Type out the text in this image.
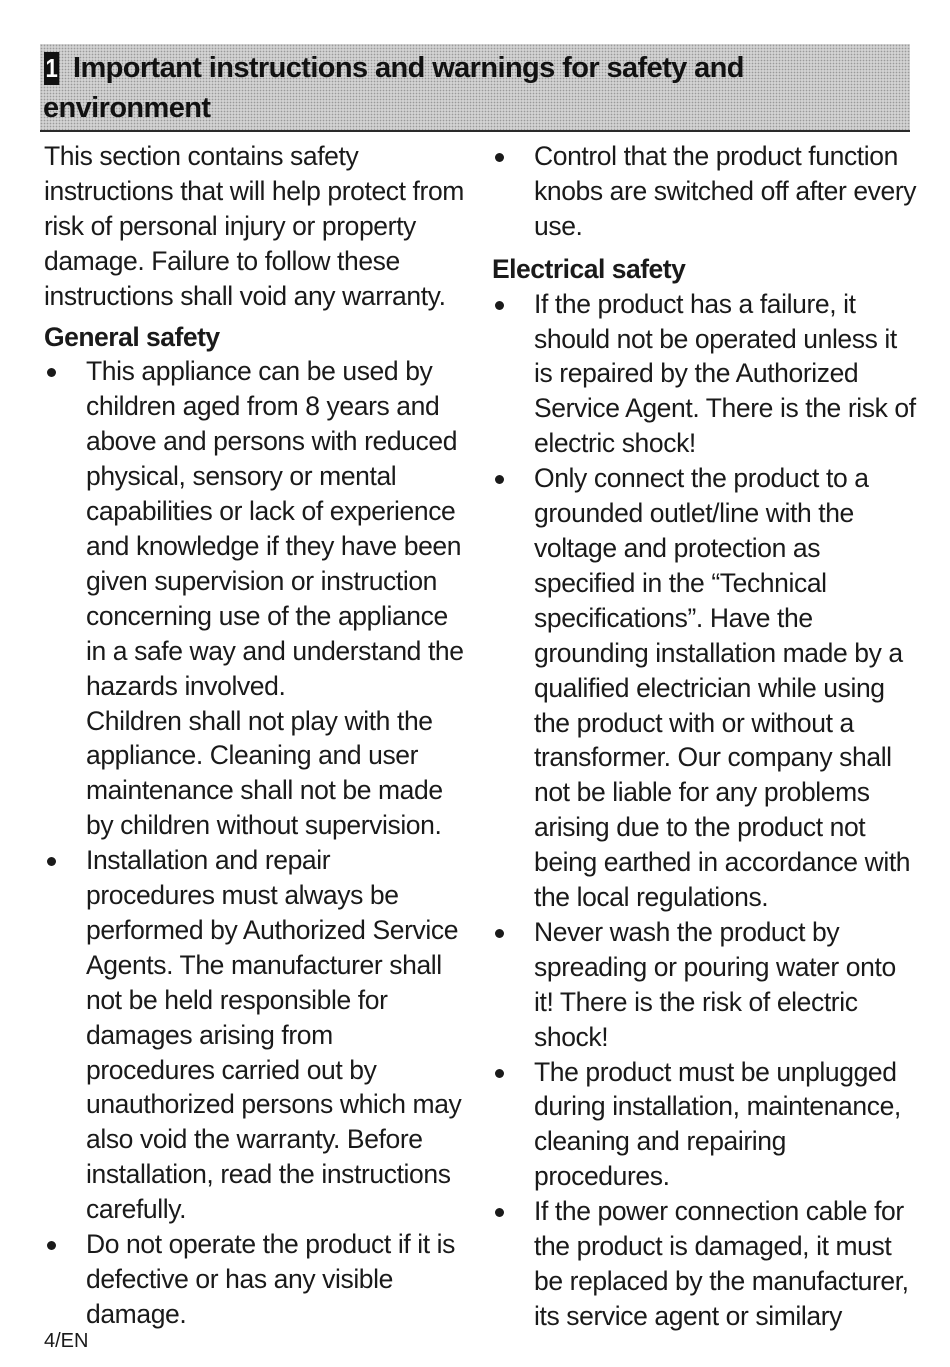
1 Important instructions and warnings for safety and environment

This section contains safety instructions that will help protect from risk of personal injury or property damage. Failure to follow these instructions shall void any warranty.

General safety
This appliance can be used by children aged from 8 years and above and persons with reduced physical, sensory or mental capabilities or lack of experience and knowledge if they have been given supervision or instruction concerning use of the appliance in a safe way and understand the hazards involved.
Children shall not play with the appliance. Cleaning and user maintenance shall not be made by children without supervision.
Installation and repair procedures must always be performed by Authorized Service Agents. The manufacturer shall not be held responsible for damages arising from procedures carried out by unauthorized persons which may also void the warranty. Before installation, read the instructions carefully.
Do not operate the product if it is defective or has any visible damage.
Control that the product function knobs are switched off after every use.
Electrical safety
If the product has a failure, it should not be operated unless it is repaired by the Authorized Service Agent. There is the risk of electric shock!
Only connect the product to a grounded outlet/line with the voltage and protection as specified in the “Technical specifications”. Have the grounding installation made by a qualified electrician while using the product with or without a transformer. Our company shall not be liable for any problems arising due to the product not being earthed in accordance with the local regulations.
Never wash the product by spreading or pouring water onto it! There is the risk of electric shock!
The product must be unplugged during installation, maintenance, cleaning and repairing procedures.
If the power connection cable for the product is damaged, it must be replaced by the manufacturer, its service agent or similary
4/EN
